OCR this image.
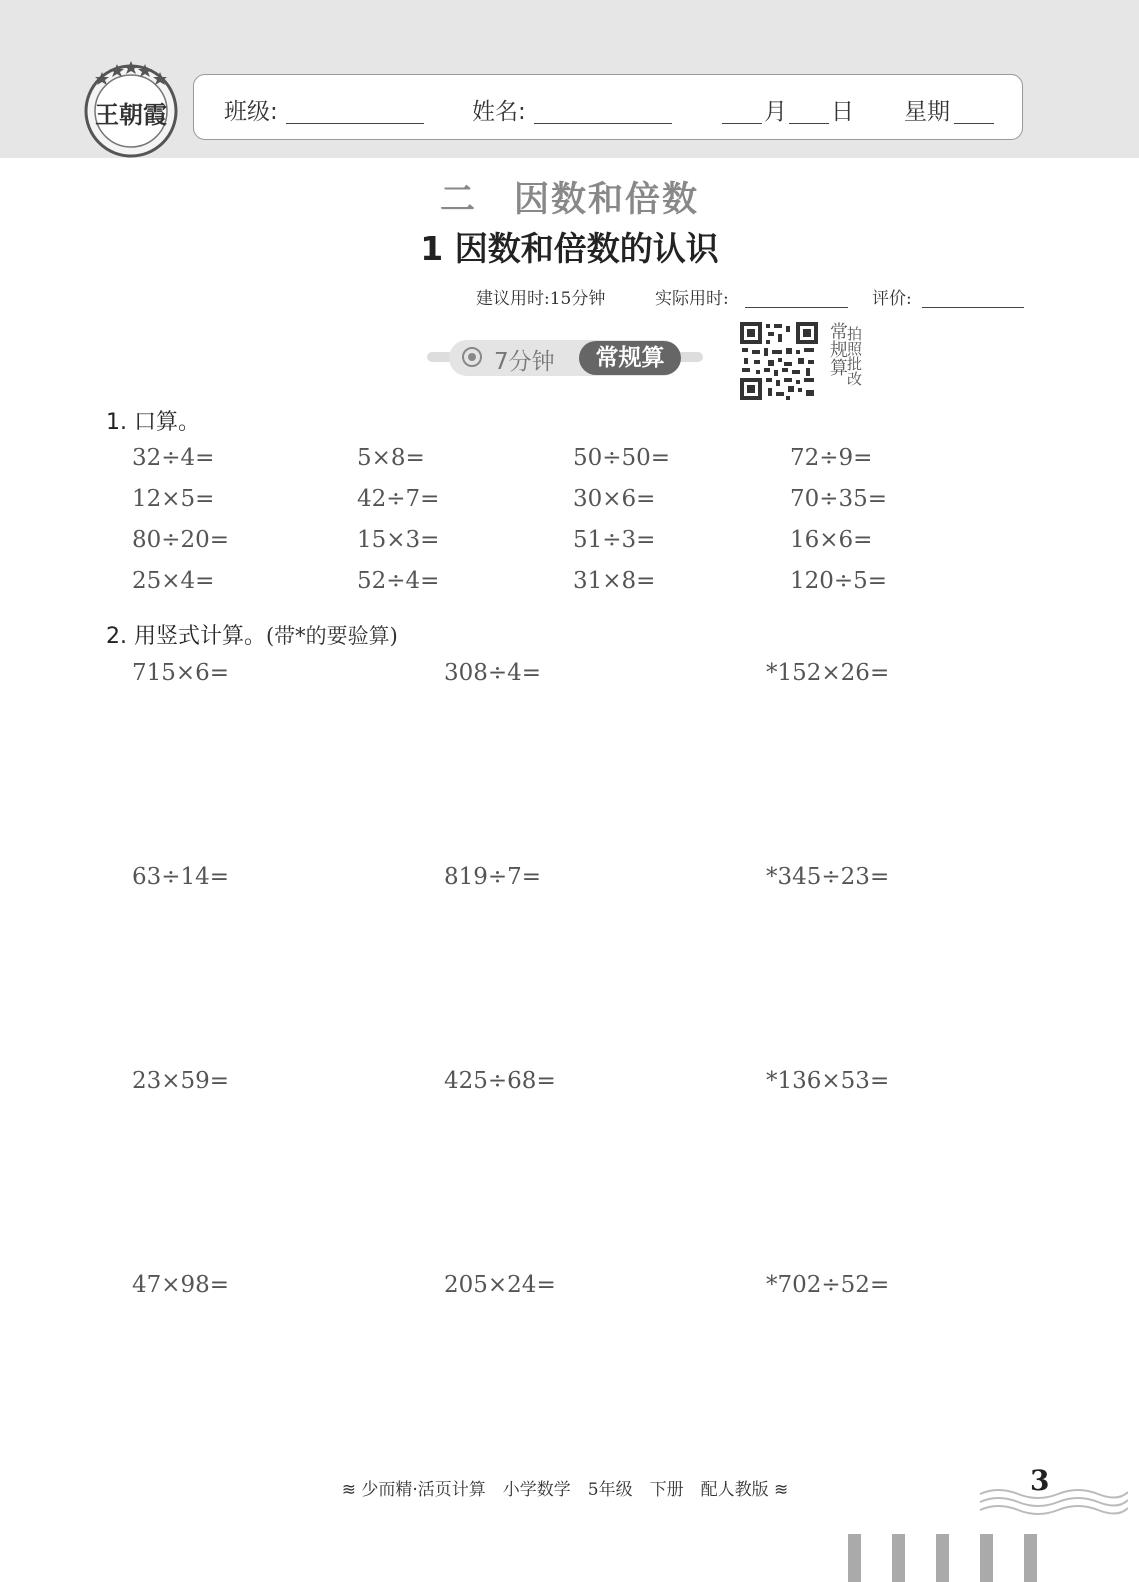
王朝霞	班级:	姓名:	月 日 星期
二　因数和倍数
1 因数和倍数的认识
建议用时:15分钟	实际用时:	评价:
7分钟	常规算	常规算
拍照批改
1. 口算。
32÷4=	5×8=	50÷50=	72÷9=
12×5=	42÷7=	30×6=	70÷35=
80÷20=	15×3=	51÷3=	16×6=
25×4=	52÷4=	31×8=	120÷5=
2. 用竖式计算。(带*的要验算)
715×6=	308÷4=	*152×26=
63÷14=	819÷7=	*345÷23=
23×59=	425÷68=	*136×53=
47×98=	205×24=	*702÷52=
≋ 少而精·活页计算　小学数学　5年级　下册　配人教版 ≋	3
